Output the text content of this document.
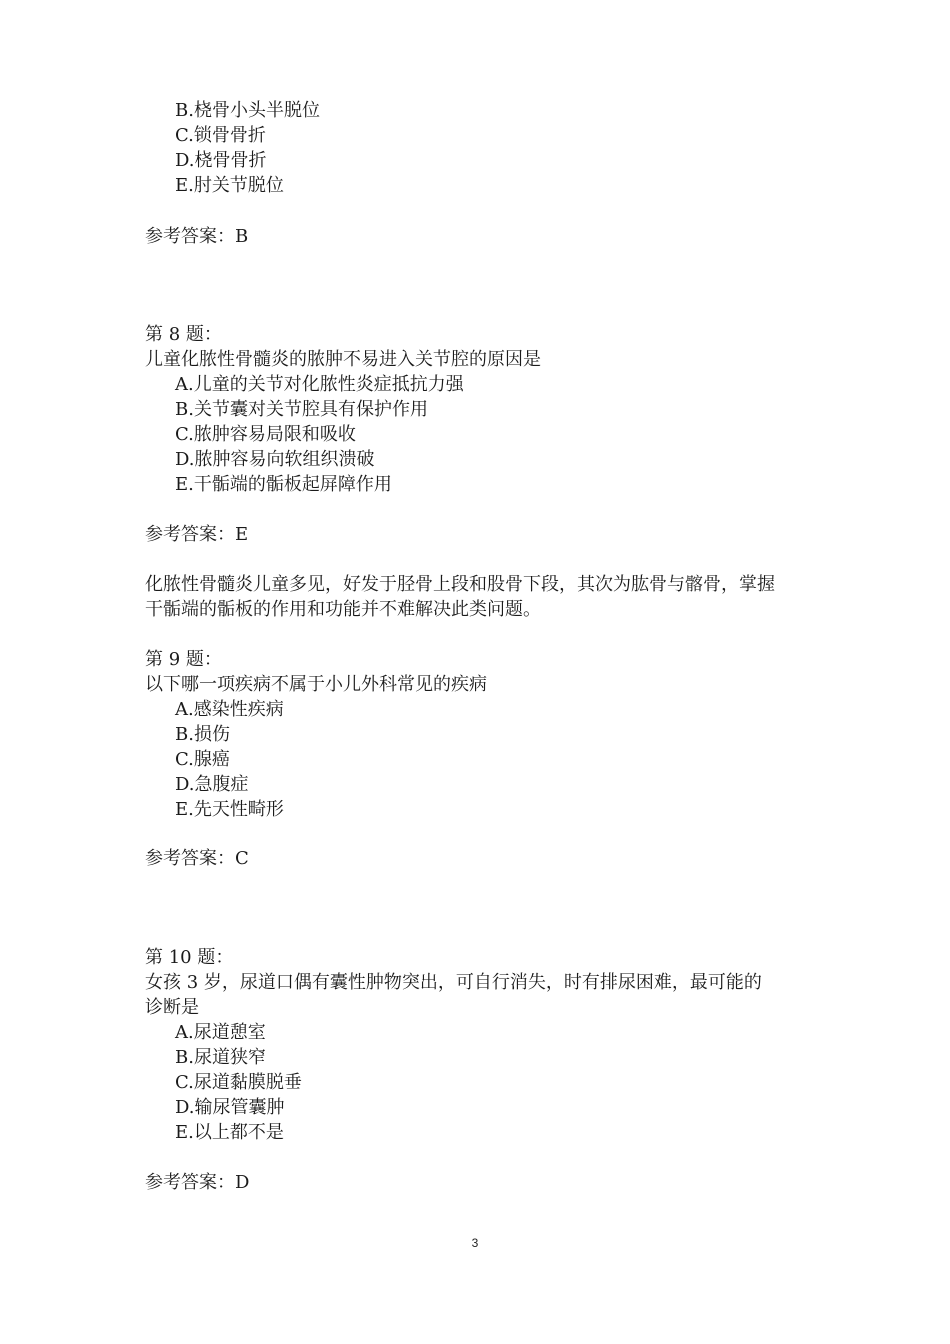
B.桡骨小头半脱位
C.锁骨骨折
D.桡骨骨折
E.肘关节脱位
参考答案：B
第 8 题：
儿童化脓性骨髓炎的脓肿不易进入关节腔的原因是
A.儿童的关节对化脓性炎症抵抗力强
B.关节囊对关节腔具有保护作用
C.脓肿容易局限和吸收
D.脓肿容易向软组织溃破
E.干骺端的骺板起屏障作用
参考答案：E
化脓性骨髓炎儿童多见，好发于胫骨上段和股骨下段，其次为肱骨与髂骨，掌握
干骺端的骺板的作用和功能并不难解决此类问题。
第 9 题：
以下哪一项疾病不属于小儿外科常见的疾病
A.感染性疾病
B.损伤
C.腺癌
D.急腹症
E.先天性畸形
参考答案：C
第 10 题：
女孩 3 岁，尿道口偶有囊性肿物突出，可自行消失，时有排尿困难，最可能的
诊断是
A.尿道憩室
B.尿道狭窄
C.尿道黏膜脱垂
D.输尿管囊肿
E.以上都不是
参考答案：D
3
